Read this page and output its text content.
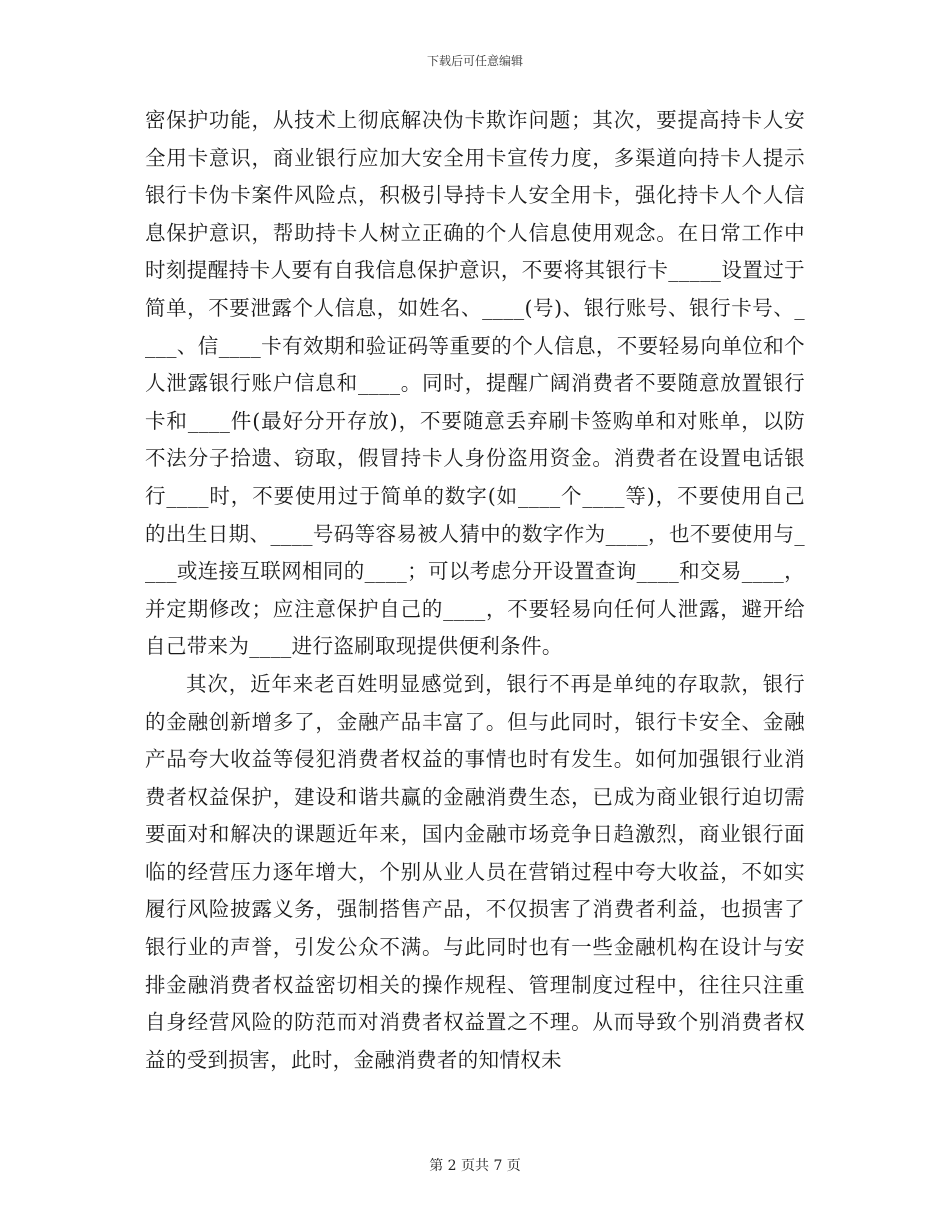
下载后可任意编辑

密保护功能，从技术上彻底解决伪卡欺诈问题；其次，要提高持卡人安全用卡意识，商业银行应加大安全用卡宣传力度，多渠道向持卡人提示银行卡伪卡案件风险点，积极引导持卡人安全用卡，强化持卡人个人信息保护意识，帮助持卡人树立正确的个人信息使用观念。在日常工作中时刻提醒持卡人要有自我信息保护意识，不要将其银行卡_____设置过于简单，不要泄露个人信息，如姓名、____(号)、银行账号、银行卡号、____、信____卡有效期和验证码等重要的个人信息，不要轻易向单位和个人泄露银行账户信息和____。同时，提醒广阔消费者不要随意放置银行卡和____件(最好分开存放)，不要随意丢弃刷卡签购单和对账单，以防不法分子拾遗、窃取，假冒持卡人身份盗用资金。消费者在设置电话银行____时，不要使用过于简单的数字(如____个____等)，不要使用自己的出生日期、____号码等容易被人猜中的数字作为____，也不要使用与____或连接互联网相同的____；可以考虑分开设置查询____和交易____，并定期修改；应注意保护自己的____，不要轻易向任何人泄露，避开给自己带来为____进行盗刷取现提供便利条件。

其次，近年来老百姓明显感觉到，银行不再是单纯的存取款，银行的金融创新增多了，金融产品丰富了。但与此同时，银行卡安全、金融产品夸大收益等侵犯消费者权益的事情也时有发生。如何加强银行业消费者权益保护，建设和谐共赢的金融消费生态，已成为商业银行迫切需要面对和解决的课题近年来，国内金融市场竞争日趋激烈，商业银行面临的经营压力逐年增大，个别从业人员在营销过程中夸大收益，不如实履行风险披露义务，强制搭售产品，不仅损害了消费者利益，也损害了银行业的声誉，引发公众不满。与此同时也有一些金融机构在设计与安排金融消费者权益密切相关的操作规程、管理制度过程中，往往只注重自身经营风险的防范而对消费者权益置之不理。从而导致个别消费者权益的受到损害，此时，金融消费者的知情权未

第 2 页共 7 页
